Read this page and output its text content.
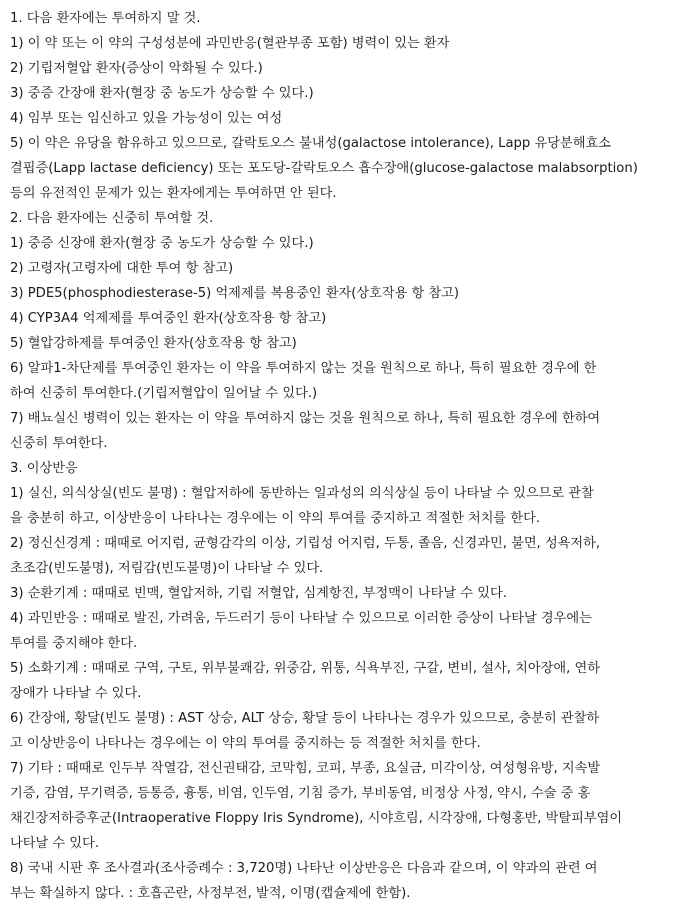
1. 다음 환자에는 투여하지 말 것.
1) 이 약 또는 이 약의 구성성분에 과민반응(혈관부종 포함) 병력이 있는 환자
2) 기립저혈압 환자(증상이 악화될 수 있다.)
3) 중증 간장애 환자(혈장 중 농도가 상승할 수 있다.)
4) 임부 또는 임신하고 있을 가능성이 있는 여성
5) 이 약은 유당을 함유하고 있으므로, 갈락토오스 불내성(galactose intolerance), Lapp 유당분해효소
결핍증(Lapp lactase deficiency) 또는 포도당-갈락토오스 흡수장애(glucose-galactose malabsorption)
등의 유전적인 문제가 있는 환자에게는 투여하면 안 된다.
2. 다음 환자에는 신중히 투여할 것.
1) 중증 신장애 환자(혈장 중 농도가 상승할 수 있다.)
2) 고령자(고령자에 대한 투여 항 참고)
3) PDE5(phosphodiesterase-5) 억제제를 복용중인 환자(상호작용 항 참고)
4) CYP3A4 억제제를 투여중인 환자(상호작용 항 참고)
5) 혈압강하제를 투여중인 환자(상호작용 항 참고)
6) 알파1-차단제를 투여중인 환자는 이 약을 투여하지 않는 것을 원칙으로 하나, 특히 필요한 경우에 한
하여 신중히 투여한다.(기립저혈압이 일어날 수 있다.)
7) 배뇨실신 병력이 있는 환자는 이 약을 투여하지 않는 것을 원칙으로 하나, 특히 필요한 경우에 한하여
신중히 투여한다.
3. 이상반응
1) 실신, 의식상실(빈도 불명) : 혈압저하에 동반하는 일과성의 의식상실 등이 나타날 수 있으므로 관찰
을 충분히 하고, 이상반응이 나타나는 경우에는 이 약의 투여를 중지하고 적절한 처치를 한다.
2) 정신신경계 : 때때로 어지럼, 균형감각의 이상, 기립성 어지럼, 두통, 졸음, 신경과민, 불면, 성욕저하,
초조감(빈도불명), 저림감(빈도불명)이 나타날 수 있다.
3) 순환기계 : 때때로 빈맥, 혈압저하, 기립 저혈압, 심계항진, 부정맥이 나타날 수 있다.
4) 과민반응 : 때때로 발진, 가려움, 두드러기 등이 나타날 수 있으므로 이러한 증상이 나타날 경우에는
투여를 중지해야 한다.
5) 소화기계 : 때때로 구역, 구토, 위부불쾌감, 위중감, 위통, 식욕부진, 구갈, 변비, 설사, 치아장애, 연하
장애가 나타날 수 있다.
6) 간장애, 황달(빈도 불명) : AST 상승, ALT 상승, 황달 등이 나타나는 경우가 있으므로, 충분히 관찰하
고 이상반응이 나타나는 경우에는 이 약의 투여를 중지하는 등 적절한 처치를 한다.
7) 기타 : 때때로 인두부 작열감, 전신권태감, 코막힘, 코피, 부종, 요실금, 미각이상, 여성형유방, 지속발
기증, 감염, 무기력증, 등통증, 흉통, 비염, 인두염, 기침 증가, 부비동염, 비정상 사정, 약시, 수술 중 홍
채긴장저하증후군(Intraoperative Floppy Iris Syndrome), 시야흐림, 시각장애, 다형홍반, 박탈피부염이
나타날 수 있다.
8) 국내 시판 후 조사결과(조사증례수 : 3,720명) 나타난 이상반응은 다음과 같으며, 이 약과의 관련 여
부는 확실하지 않다. : 호흡곤란, 사정부전, 발적, 이명(캡슐제에 한함).
